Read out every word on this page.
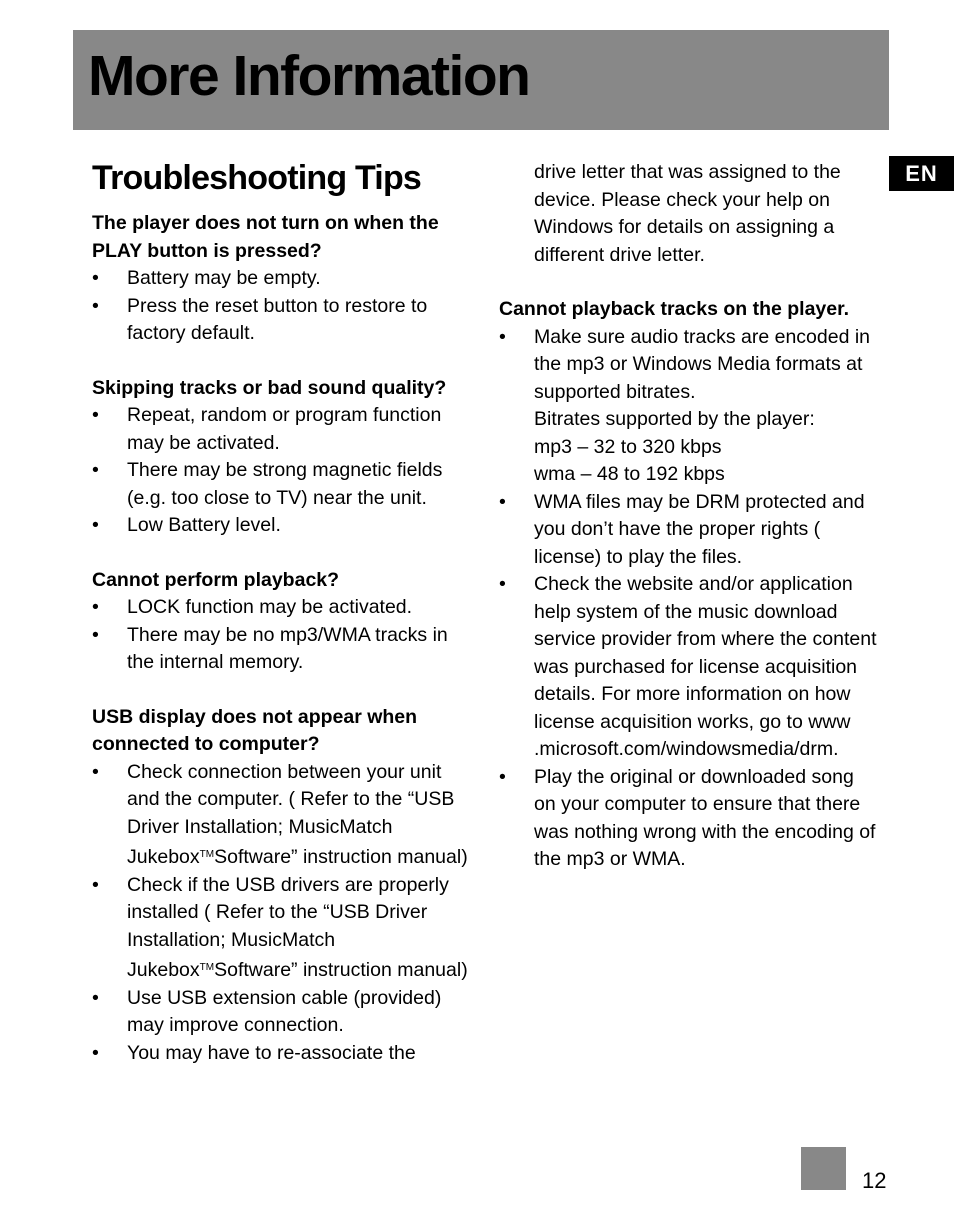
More Information
EN
Troubleshooting Tips

The player does not turn on when the PLAY button is pressed?

• Battery may be empty.
• Press the reset button to restore to factory default.

Skipping tracks or bad sound quality?

• Repeat, random or program function may be activated.
• There may be strong magnetic fields (e.g. too close to TV) near the unit.
• Low Battery level.

Cannot perform playback?

• LOCK function may be activated.
• There may be no mp3/WMA tracks in the internal memory.

USB display does not appear when connected to computer?

• Check connection between your unit and the computer. ( Refer to the “USB Driver Installation; MusicMatch Jukebox™Software” instruction manual)
• Check if the USB drivers are properly installed ( Refer to the “USB Driver Installation; MusicMatch Jukebox™Software” instruction manual)
• Use USB extension cable (provided) may improve connection.
• You may have to re-associate the
drive letter that was assigned to the device. Please check your help on Windows for details on assigning a different drive letter.

Cannot playback tracks on the player.

• Make sure audio tracks are encoded in the mp3 or Windows Media formats at supported bitrates.
Bitrates supported by the player:
mp3 – 32 to 320 kbps
wma – 48 to 192 kbps
• WMA files may be DRM protected and you don’t have the proper rights ( license) to play the files.
• Check the website and/or application help system of the music download service provider from where the content was purchased for license acquisition details. For more information on how license acquisition works, go to www .microsoft.com/windowsmedia/drm.
• Play the original or downloaded song on your computer to ensure that there was nothing wrong with the encoding of the mp3 or WMA.
12
